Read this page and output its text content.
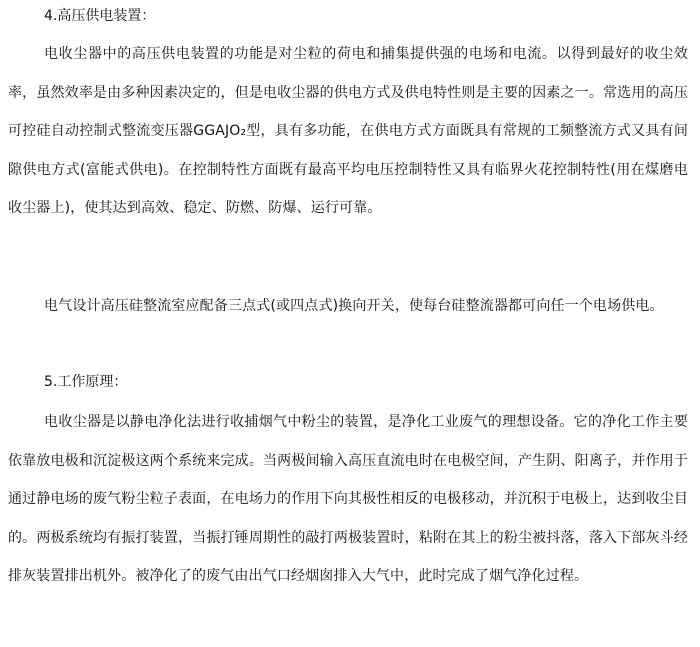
4.高压供电装置：
电收尘器中的高压供电装置的功能是对尘粒的荷电和捕集提供强的电场和电流。以得到最好的收尘效率，虽然效率是由多种因素决定的，但是电收尘器的供电方式及供电特性则是主要的因素之一。常选用的高压可控硅自动控制式整流变压器GGAJO₂型，具有多功能，在供电方式方面既具有常规的工频整流方式又具有间隙供电方式(富能式供电)。在控制特性方面既有最高平均电压控制特性又具有临界火花控制特性(用在煤磨电收尘器上)，使其达到高效、稳定、防燃、防爆、运行可靠。
电气设计高压硅整流室应配备三点式(或四点式)换向开关，使每台硅整流器都可向任一个电场供电。
5.工作原理：
电收尘器是以静电净化法进行收捕烟气中粉尘的装置，是净化工业废气的理想设备。它的净化工作主要依靠放电极和沉淀极这两个系统来完成。当两极间输入高压直流电时在电极空间，产生阴、阳离子，并作用于通过静电场的废气粉尘粒子表面，在电场力的作用下向其极性相反的电极移动，并沉积于电极上，达到收尘目的。两极系统均有振打装置，当振打锤周期性的敲打两极装置时，粘附在其上的粉尘被抖落，落入下部灰斗经排灰装置排出机外。被净化了的废气由出气口经烟囱排入大气中，此时完成了烟气净化过程。
